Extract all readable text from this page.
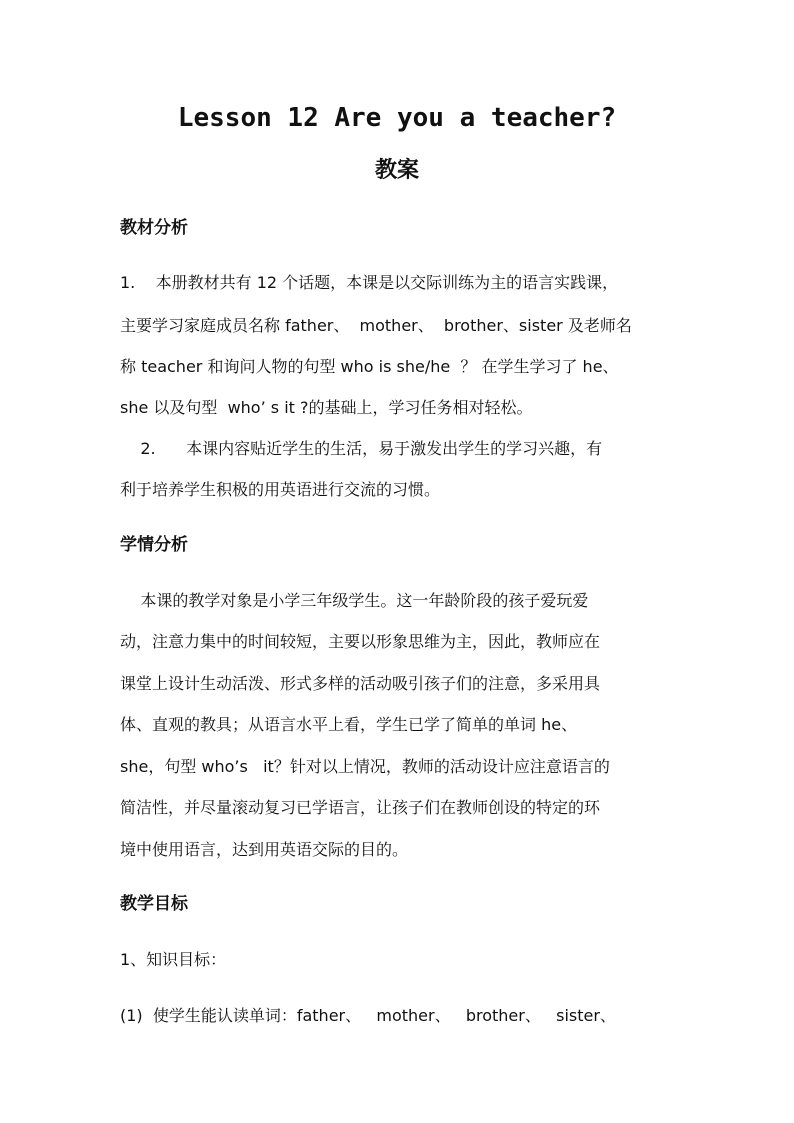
Lesson 12 Are you a teacher?
教案
教材分析
1.    本册教材共有 12 个话题，本课是以交际训练为主的语言实践课，
主要学习家庭成员名称 father、  mother、  brother、sister 及老师名
称 teacher 和询问人物的句型 who is she/he  ？ 在学生学习了 he、
she 以及句型  who’ s it ?的基础上，学习任务相对轻松。
2.      本课内容贴近学生的生活，易于激发出学生的学习兴趣，有
利于培养学生积极的用英语进行交流的习惯。
学情分析
本课的教学对象是小学三年级学生。这一年龄阶段的孩子爱玩爱
动，注意力集中的时间较短，主要以形象思维为主，因此，教师应在
课堂上设计生动活泼、形式多样的活动吸引孩子们的注意，多采用具
体、直观的教具；从语言水平上看，学生已学了简单的单词 he、
she，句型 who’s   it？针对以上情况，教师的活动设计应注意语言的
简洁性，并尽量滚动复习已学语言，让孩子们在教师创设的特定的环
境中使用语言，达到用英语交际的目的。
教学目标
1、知识目标：
(1)  使学生能认读单词：father、   mother、   brother、   sister、
